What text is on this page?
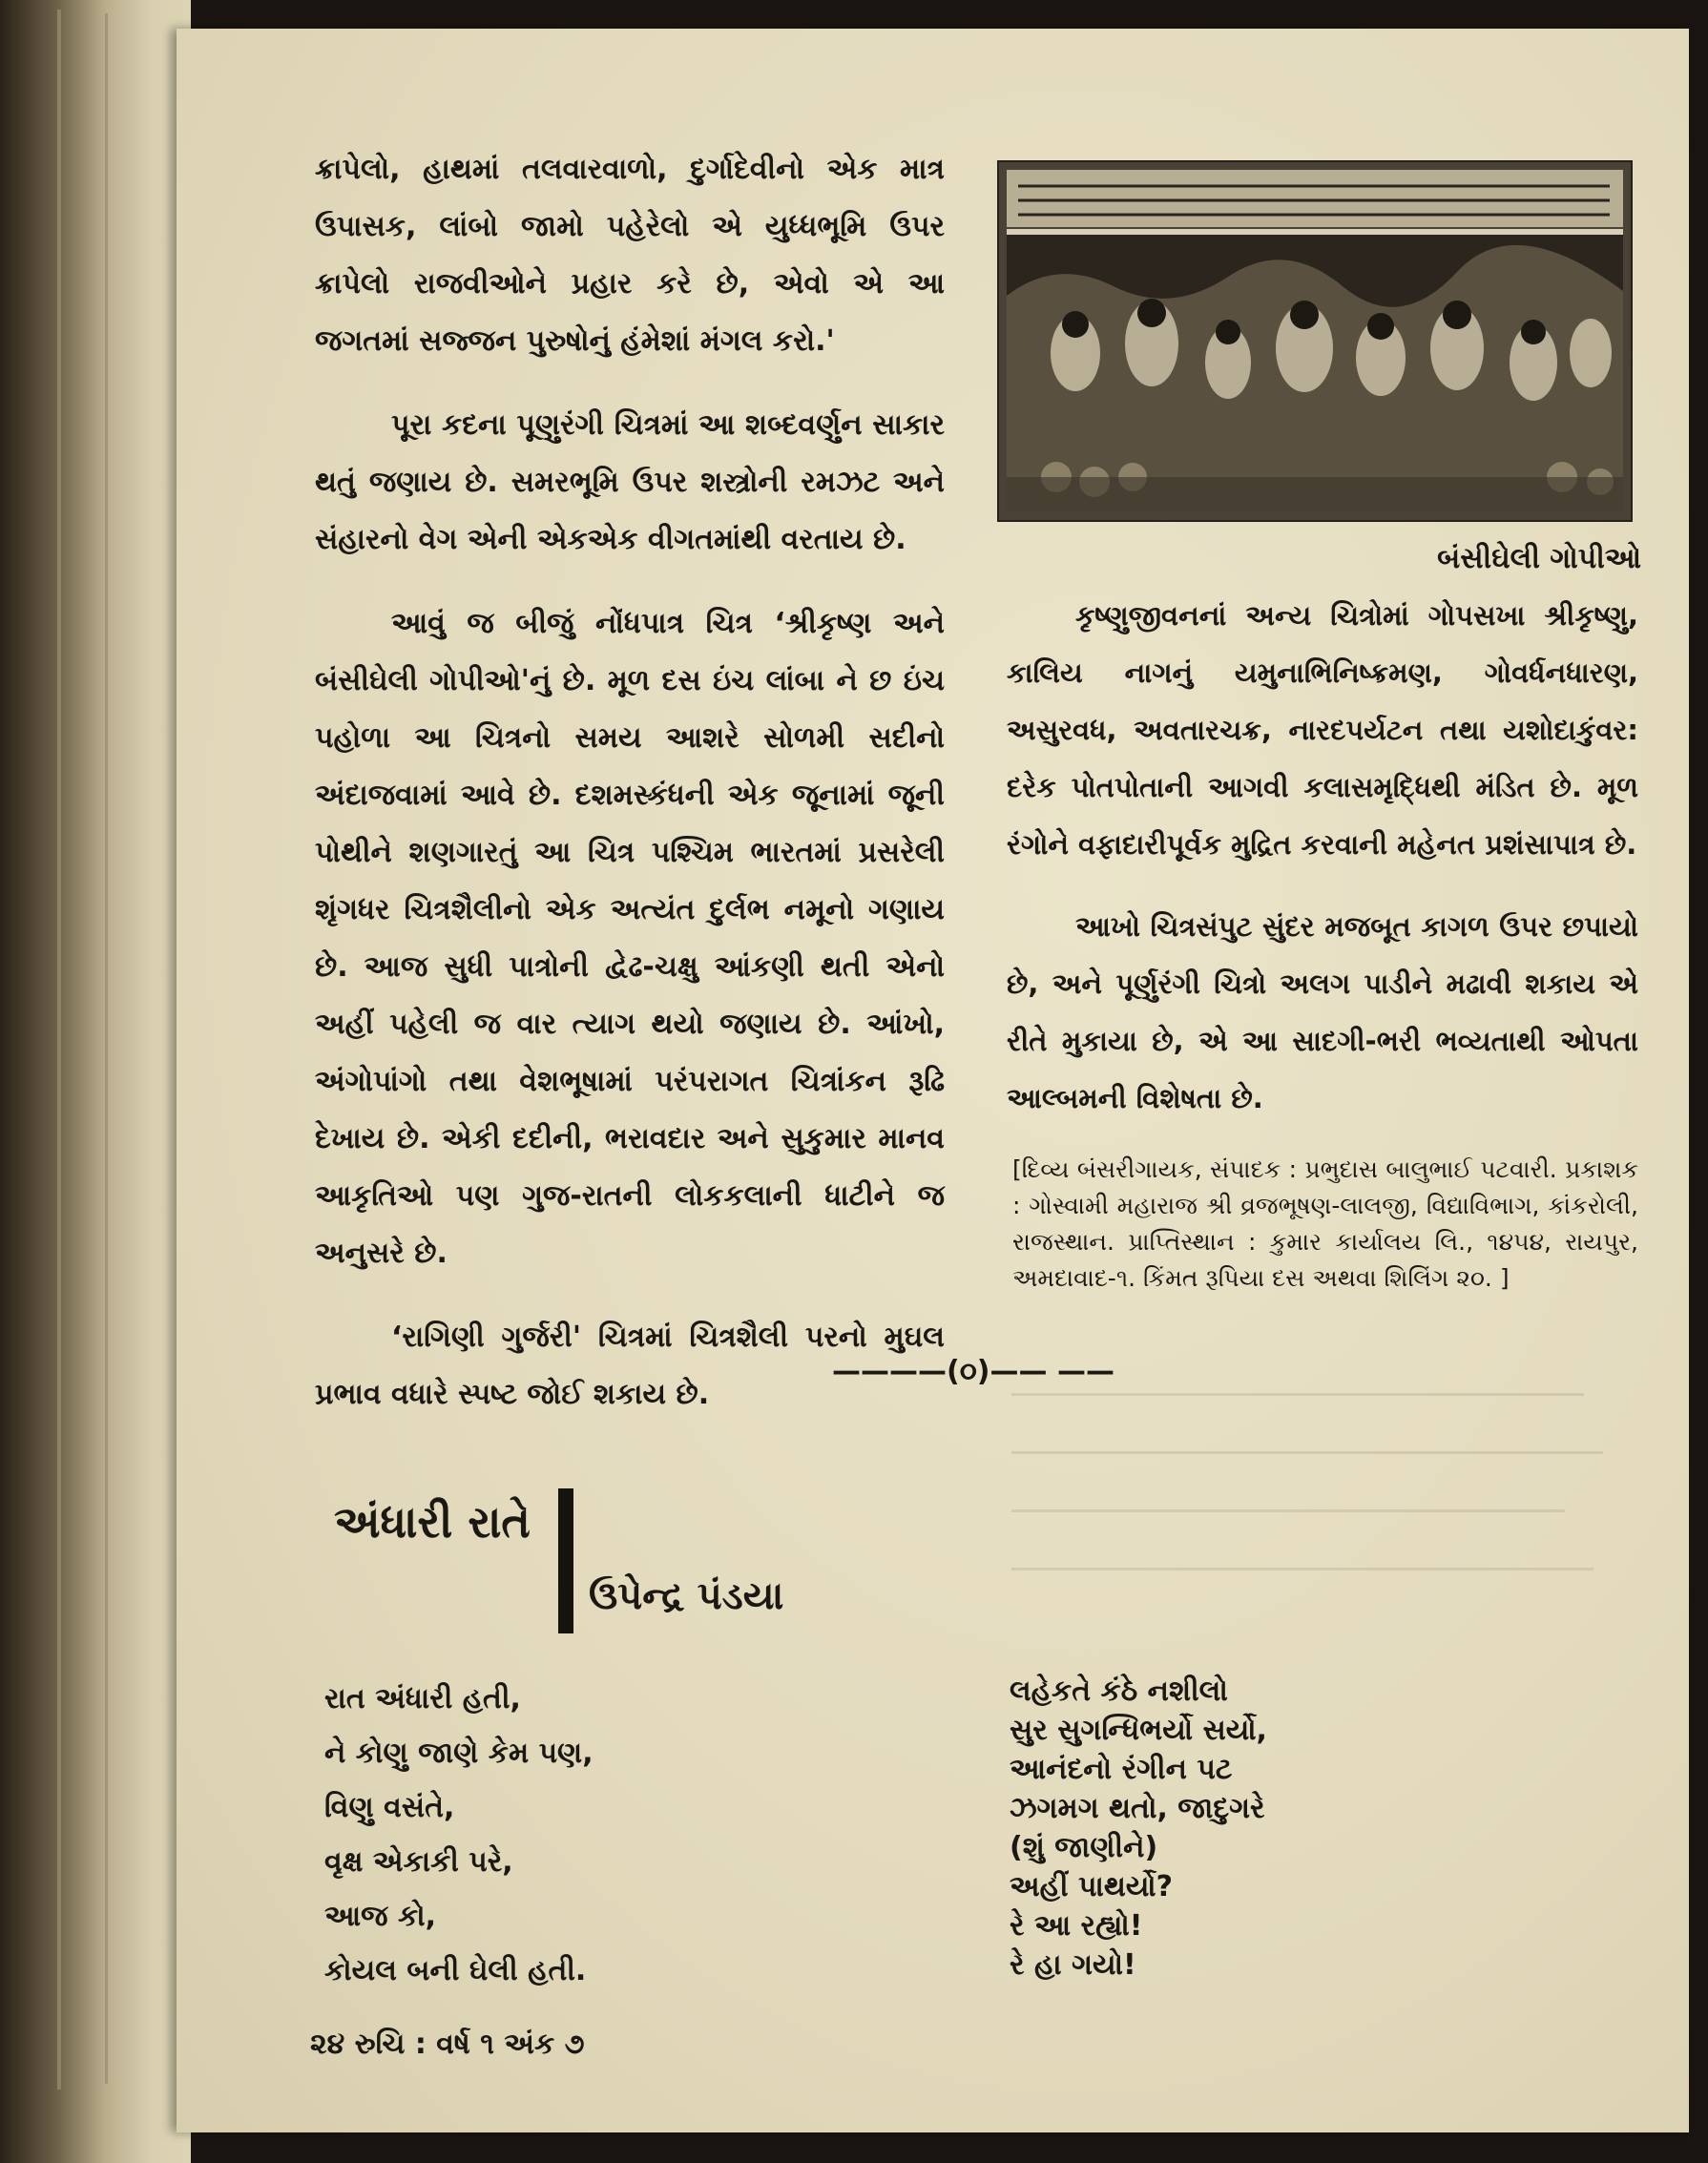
ક્રાપેલો, હાથમાં તલવારવાળો, દુર્ગાદેવીનો એક માત્ર ઉપાસક, લાંબો જામો પહેરેલો એ યુધ્ધભૂમિ ઉપર ક્રાપેલો રાજવીઓને પ્રહાર કરે છે, એવો એ આ જગતમાં સજ્જન પુરુષોનું હંમેશાં મંગલ કરો.'

પૂરા કદના પૂણુરંગી ચિત્રમાં આ શબ્દવર્ણુન સાકાર થતું જણાય છે. સમરભૂમિ ઉપર શસ્ત્રોની રમઝટ અને સંહારનો વેગ એની એકએક વીગતમાંથી વરતાય છે.

આવું જ બીજું નોંધપાત્ર ચિત્ર ‘શ્રીકૃષ્ણ અને બંસીઘેલી ગોપીઓ'નું છે. મૂળ દસ ઇંચ લાંબા ને છ ઇંચ પહોળા આ ચિત્રનો સમય આશરે સોળમી સદીનો અંદાજવામાં આવે છે. દશમસ્કંધની એક જૂનામાં જૂની પોથીને શણગારતું આ ચિત્ર પશ્ચિમ ભારતમાં પ્રસરેલી શૃંગધર ચિત્રશૈલીનો એક અત્યંત દુર્લભ નમૂનો ગણાય છે. આજ સુધી પાત્રોની દ્વેઢ-ચક્ષુ આંકણી થતી એનો અહીં પહેલી જ વાર ત્યાગ થયો જણાય છે. આંખો, અંગોપાંગો તથા વેશભૂષામાં પરંપરાગત ચિત્રાંકન રૂઢિ દેખાય છે. એકી દદીની, ભરાવદાર અને સુકુમાર માનવ આકૃતિઓ પણ ગુજ-રાતની લોકકલાની ધાટીને જ અનુસરે છે.

‘રાગિણી ગુર્જરી' ચિત્રમાં ચિત્રશૈલી પરનો મુઘલ પ્રભાવ વધારે સ્પષ્ટ જોઈ શકાય છે.

બંસીઘેલી ગોપીઓ

કૃષ્ણુજીવનનાં અન્ય ચિત્રોમાં ગોપસખા શ્રીકૃષ્ણુ, કાલિય નાગનું યમુનાભિનિષ્ક્રમણ, ગોવર્ધનધારણ, અસુરવધ, અવતારચક્ર, નારદપર્યટન તથા યશોદાકુંવર: દરેક પોતપોતાની આગવી કલાસમૃદ્ધિથી મંડિત છે. મૂળ રંગોને વફાદારીપૂર્વક મુદ્રિત કરવાની મહેનત પ્રશંસાપાત્ર છે.

આખો ચિત્રસંપુટ સુંદર મજબૂત કાગળ ઉપર છપાયો છે, અને પૂર્ણુરંગી ચિત્રો અલગ પાડીને મઢાવી શકાય એ રીતે મુકાયા છે, એ આ સાદગી-ભરી ભવ્યતાથી ઓપતા આલ્બમની વિશેષતા છે.

[દિવ્ય બંસરીગાયક, સંપાદક : પ્રભુદાસ બાલુભાઈ પટવારી. પ્રકાશક : ગોસ્વામી મહારાજ શ્રી વ્રજભૂષણ-લાલજી, વિદ્યાવિભાગ, કાંકરોલી, રાજસ્થાન. પ્રાપ્તિસ્થાન : કુમાર કાર્યાલય લિ., ૧૪૫૪, રાયપુર, અમદાવાદ-૧. કિંમત રૂપિયા દસ અથવા શિલિંગ ૨૦. ]

————(૦)—— ——
અંધારી રાતે
ઉપેન્દ્ર પંડયા
રાત અંધારી હતી,
ને કોણુ જાણે કેમ પણ,
વિણુ વસંતે,
વૃક્ષ એકાકી પરે,
આજ કો,
કોયલ બની ઘેલી હતી.
લહેકતે કંઠે નશીલો
સુર સુગન્ધિભર્યો સર્યો,
આનંદનો રંગીન પટ
ઝગમગ થતો, જાદુગરે
(શું જાણીને)
અહીં પાથર્યો?
રે આ રહ્યો!
રે હા ગયો!
૨૪ રુચિ : વર્ષ ૧ અંક ૭
